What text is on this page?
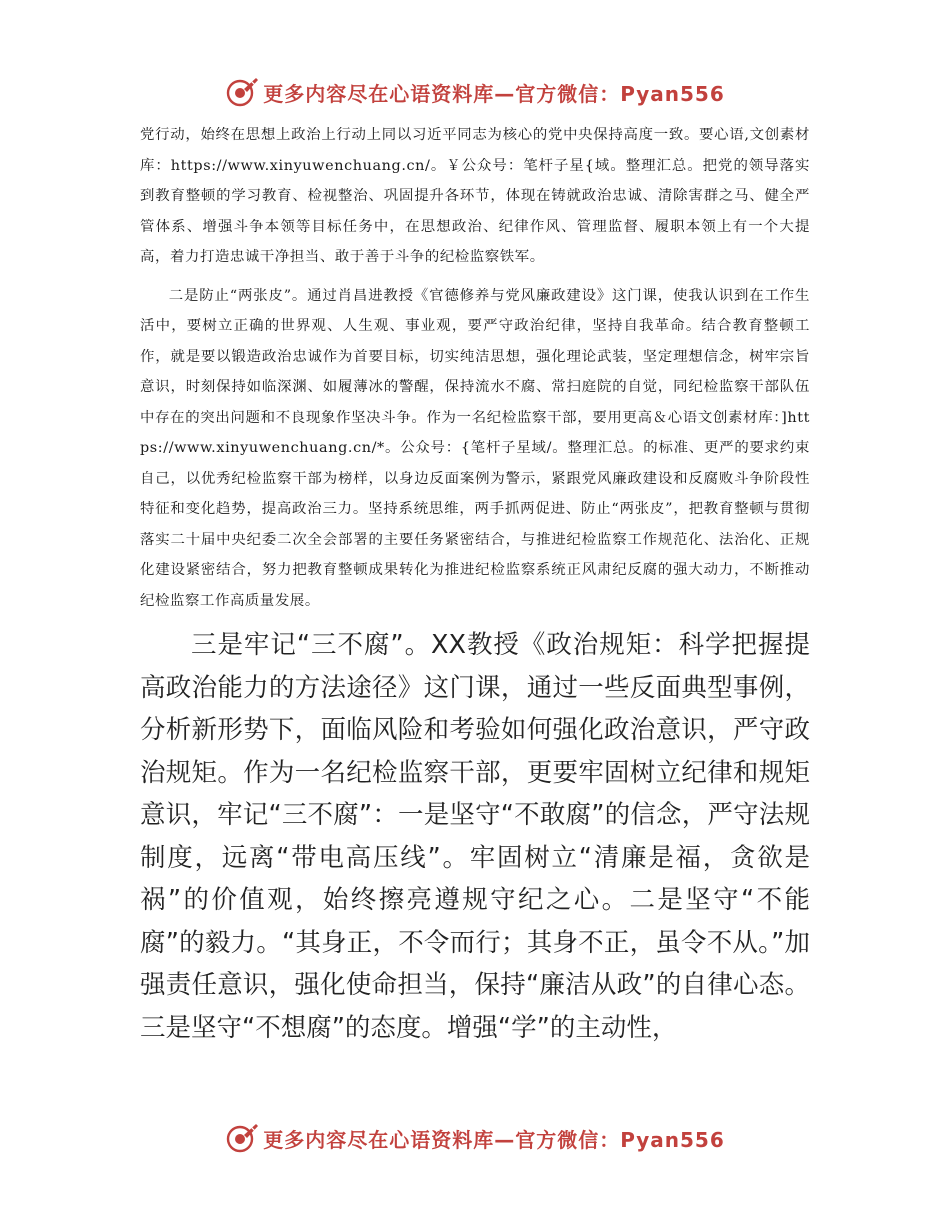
更多内容尽在心语资料库—官方微信：Pyan556

党行动，始终在思想上政治上行动上同以习近平同志为核心的党中央保持高度一致。要心语,文创素材库：https://www.xinyuwenchuang.cn/。￥公众号：笔杆子星{域。整理汇总。把党的领导落实到教育整顿的学习教育、检视整治、巩固提升各环节，体现在铸就政治忠诚、清除害群之马、健全严管体系、增强斗争本领等目标任务中，在思想政治、纪律作风、管理监督、履职本领上有一个大提高，着力打造忠诚干净担当、敢于善于斗争的纪检监察铁军。

二是防止“两张皮”。通过肖昌进教授《官德修养与党风廉政建设》这门课，使我认识到在工作生活中，要树立正确的世界观、人生观、事业观，要严守政治纪律，坚持自我革命。结合教育整顿工作，就是要以锻造政治忠诚作为首要目标，切实纯洁思想，强化理论武装，坚定理想信念，树牢宗旨意识，时刻保持如临深渊、如履薄冰的警醒，保持流水不腐、常扫庭院的自觉，同纪检监察干部队伍中存在的突出问题和不良现象作坚决斗争。作为一名纪检监察干部，要用更高＆心语文创素材库：]https://www.xinyuwenchuang.cn/*。公众号：{笔杆子星域/。整理汇总。的标准、更严的要求约束自己，以优秀纪检监察干部为榜样，以身边反面案例为警示，紧跟党风廉政建设和反腐败斗争阶段性特征和变化趋势，提高政治三力。坚持系统思维，两手抓两促进、防止“两张皮”，把教育整顿与贯彻落实二十届中央纪委二次全会部署的主要任务紧密结合，与推进纪检监察工作规范化、法治化、正规化建设紧密结合，努力把教育整顿成果转化为推进纪检监察系统正风肃纪反腐的强大动力，不断推动纪检监察工作高质量发展。

三是牢记“三不腐”。XX教授《政治规矩：科学把握提高政治能力的方法途径》这门课，通过一些反面典型事例，分析新形势下，面临风险和考验如何强化政治意识，严守政治规矩。作为一名纪检监察干部，更要牢固树立纪律和规矩意识，牢记“三不腐”：一是坚守“不敢腐”的信念，严守法规制度，远离“带电高压线”。牢固树立“清廉是福，贪欲是祸”的价值观，始终擦亮遵规守纪之心。二是坚守“不能腐”的毅力。“其身正，不令而行；其身不正，虽令不从。”加强责任意识，强化使命担当，保持“廉洁从政”的自律心态。三是坚守“不想腐”的态度。增强“学”的主动性，

更多内容尽在心语资料库—官方微信：Pyan556
